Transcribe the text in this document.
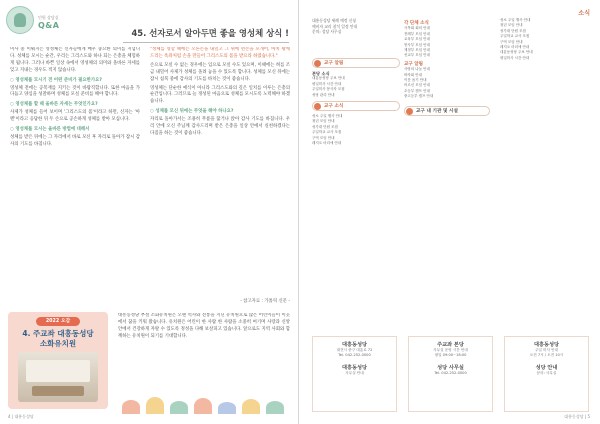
민원 상담실
Q&A
45. 선자로서 알아두면 좋을 영성체 상식 !

미사 중 이뤄지는 영성체는 신자들에게 매우 중요한 의미를 지닙니다. 성체를 모시는 순간, 우리는 그리스도와 하나 되는 은총을 체험하게 됩니다. 그러나 바쁜 일상 속에서 영성체의 의미와 올바른 자세를 잊고 지내는 경우도 적지 않습니다.

○ 영성체를 모시기 전 어떤 준비가 필요한가요?

영성체 전에는 공복재를 지키는 것이 바람직합니다. 또한 마음을 가다듬고 양심을 성찰하며 성체를 모실 준비를 해야 합니다.

○ 영성체를 할 때 올바른 자세는 무엇인가요?

사제가 성체를 들어 보이며 '그리스도의 몸'이라고 하면, 신자는 '아멘'이라고 응답한 뒤 두 손으로 공손하게 성체를 받아 모십니다.

○ 영성체를 모시는 올바른 방법에 대해서

성체를 받은 뒤에는 그 자리에서 바로 모신 후 자리로 돌아가 잠시 감사의 기도를 바칩니다.

"성체를 영할 때에는 오른손을 내밀고 그 위에 왼손을 포개어, 마치 왕께 드리는 옥좌처럼 손을 만들어 그리스도의 몸을 받으라 하였습니다."

손으로 모실 수 없는 경우에는 입으로 모실 수도 있으며, 이때에는 혀를 조금 내밀어 사제가 성체를 올려 놓을 수 있도록 합니다. 성체를 모신 뒤에는 잠시 침묵 중에 감사의 기도를 바치는 것이 좋습니다.

영성체는 단순한 예식이 아니라 그리스도와의 깊은 일치를 이루는 은총의 순간입니다. 그러므로 늘 정성된 마음으로 성체를 모시도록 노력해야 하겠습니다.

○ 성체를 모신 뒤에는 무엇을 해야 하나요?

자리로 돌아가서는 조용히 무릎을 꿇거나 앉아 감사 기도를 바칩니다. 우리 안에 오신 주님께 감사드리며 받은 은총을 일상 안에서 실천하겠다는 다짐을 하는 것이 좋습니다.

- 참고자료 : 가톨릭 신문 -
2022 오감
4. 주교좌 대흥동성당
소화유치원
대흥동성당 부설 소화유치원은 오랜 역사와 전통을 지닌 유치원으로 많은 어린이들이 이곳에서 꿈을 키워 왔습니다. 유치원은 어린이 한 사람 한 사람을 소중히 여기며 사랑과 신앙 안에서 건강하게 자랄 수 있도록 정성을 다해 보살피고 있습니다. 앞으로도 지역 사회와 함께하는 유치원이 되기를 기대합니다.
4 | 대흥동성당
소식

대흥동성당 세례 예정 신청

예비자 교리 참석 일정 안내

문의: 성당 사무실

교구 알림
본당 소식
대흥동성당 주보 안내
평일미사 시간 안내
주일미사 봉사자 모집
성당 관리 안내
교구 소식
성소 주일 행사 안내
청년 모임 안내
성가대 단원 모집
주일학교 교사 모집
구역 모임 안내
레지오 마리애 안내
각 단체 소식
사목회 회의 안내
전례부 모임 안내
교육부 모임 안내
봉사부 모임 안내
재정부 모임 안내
선교부 모임 안내
교구 알림
사랑의 나눔 안내
바자회 안내
이웃 돕기 안내
어르신 모임 안내
초등부 캠프 안내
중고등부 캠프 안내
교구 내 기관 및 시설
성소 주일 행사 안내
청년 모임 안내
성가대 단원 모집
주일학교 교사 모집
구역 모임 안내
레지오 마리애 안내
대흥동성당 주보 안내
평일미사 시간 안내
대흥동성당
대전시 중구 대흥로 72
Tel. 042-252-0000
대흥동성당
사무실 안내
주교좌 본당
사무실 운영 시간 안내
평일 09:00~18:00
성당 사무실
Tel. 042-252-0000
대흥동성당
주일 미사 안내
오전 7시 / 오전 10시
성당 안내
문의: 사무실
대흥동성당 | 5
